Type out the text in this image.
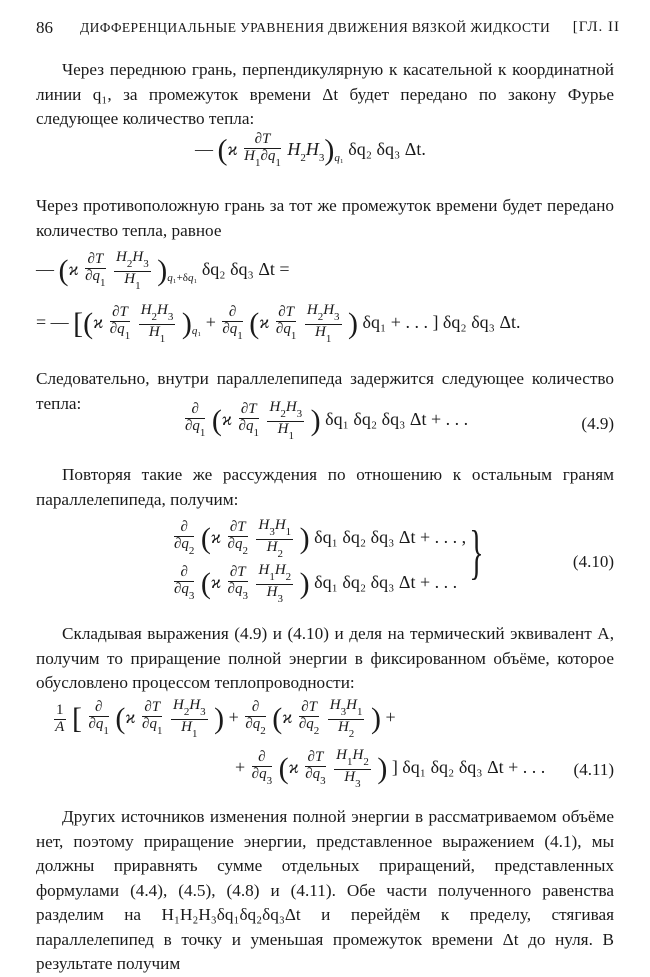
86 ДИФФЕРЕНЦИАЛЬНЫЕ УРАВНЕНИЯ ДВИЖЕНИЯ ВЯЗКОЙ ЖИДКОСТИ [ГЛ. II

Через переднюю грань, перпендикулярную к касательной к координатной линии q₁, за промежуток времени Δt будет передано по закону Фурье следующее количество тепла:

— $(ϰ \frac{\partial T}{H_1\partial q_1} H_2H_3)_{q_1}$ δq₂ δq₃ Δt.

Через противоположную грань за тот же промежуток времени будет передано количество тепла, равное

— ($ϰ \frac{\partial T}{\partial q_1}$
$\frac{H_2H_3}{H_1} )_{q_1+\delta q_1}$ δq₂ δq₃ Δt =
= — [($ϰ \frac{\partial T}{\partial q_1}$
$\frac{H_2H_3}{H_1} )_{q_1} + \frac{\partial}{\partial q_1} (ϰ \frac{\partial T}{\partial q_1}$
$\frac{H_2H_3}{H_1}$ ) δq₁ + . . . ] δq₂ δq₃ Δt.

Следовательно, внутри параллелепипеда задержится следующее количество тепла:	$\frac{\partial}{\partial q_1} (ϰ \frac{\partial T}{\partial q_1}$
$\frac{H_2H_3}{H_1}$ ) δq₁ δq₂ δq₃ Δt + . . .	(4.9)

Повторяя такие же рассуждения по отношению к остальным граням параллелепипеда, получим:

$\frac{\partial}{\partial q_2} (ϰ \frac{\partial T}{\partial q_2}$
$\frac{H_3H_1}{H_2}$ ) δq₁ δq₂ δq₃ Δt + . . . ,
$\frac{\partial}{\partial q_3} (ϰ \frac{\partial T}{\partial q_3}$
$\frac{H_1H_2}{H_3}$ ) δq₁ δq₂ δq₃ Δt + . . . }	(4.10)

Складывая выражения (4.9) и (4.10) и деля на термический эквивалент A, получим то приращение полной энергии в фиксированном объёме, которое обусловлено процессом теплопроводности:

$\frac{1}{A}$ [ $\frac{\partial}{\partial q_1} (ϰ \frac{\partial T}{\partial q_1}$
$\frac{H_2H_3}{H_1}$ ) + $\frac{\partial}{\partial q_2} (ϰ \frac{\partial T}{\partial q_2}$
$\frac{H_3H_1}{H_2}$ ) +
+ $\frac{\partial}{\partial q_3} (ϰ \frac{\partial T}{\partial q_3}$
$\frac{H_1H_2}{H_3}$ ) ] δq₁ δq₂ δq₃ Δt + . . . (4.11)

Других источников изменения полной энергии в рассматриваемом объёме нет, поэтому приращение энергии, представленное выражением (4.1), мы должны приравнять сумме отдельных приращений, представленных формулами (4.4), (4.5), (4.8) и (4.11). Обе части полученного равенства разделим на H₁H₂H₃δq₁δq₂δq₃Δt и перейдём к пределу, стягивая параллелепипед в точку и уменьшая промежуток времени Δt до нуля. В результате получим
